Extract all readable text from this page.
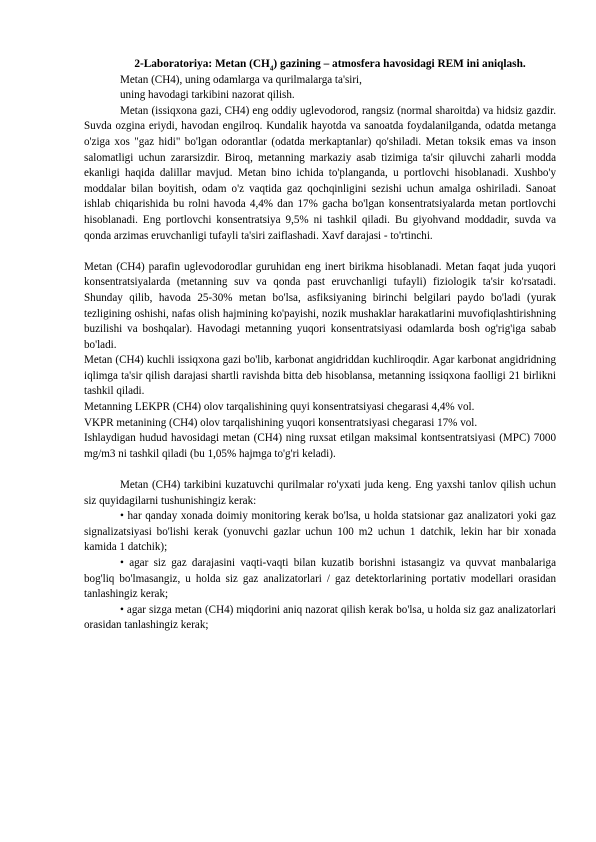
2-Laboratoriya: Metan $(CH_4)$ gazining – atmosfera havosidagi REM ini aniqlash.

Metan (CH4), uning odamlarga va qurilmalarga ta'siri,

uning havodagi tarkibini nazorat qilish.

Metan (issiqxona gazi, CH4) eng oddiy uglevodorod, rangsiz (normal sharoitda) va hidsiz gazdir. Suvda ozgina eriydi, havodan engilroq. Kundalik hayotda va sanoatda foydalanilganda, odatda metanga o'ziga xos "gaz hidi" bo'lgan odorantlar (odatda merkaptanlar) qo'shiladi. Metan toksik emas va inson salomatligi uchun zararsizdir. Biroq, metanning markaziy asab tizimiga ta'sir qiluvchi zaharli modda ekanligi haqida dalillar mavjud. Metan bino ichida to'planganda, u portlovchi hisoblanadi. Xushbo'y moddalar bilan boyitish, odam o'z vaqtida gaz qochqinligini sezishi uchun amalga oshiriladi. Sanoat ishlab chiqarishida bu rolni havoda 4,4% dan 17% gacha bo'lgan konsentratsiyalarda metan portlovchi hisoblanadi. Eng portlovchi konsentratsiya 9,5% ni tashkil qiladi. Bu giyohvand moddadir, suvda va qonda arzimas eruvchanligi tufayli ta'siri zaiflashadi. Xavf darajasi - to'rtinchi.

Metan (CH4) parafin uglevodorodlar guruhidan eng inert birikma hisoblanadi. Metan faqat juda yuqori konsentratsiyalarda (metanning suv va qonda past eruvchanligi tufayli) fiziologik ta'sir ko'rsatadi. Shunday qilib, havoda 25-30% metan bo'lsa, asfiksiyaning birinchi belgilari paydo bo'ladi (yurak tezligining oshishi, nafas olish hajmining ko'payishi, nozik mushaklar harakatlarini muvofiqlashtirishning buzilishi va boshqalar). Havodagi metanning yuqori konsentratsiyasi odamlarda bosh og'rig'iga sabab bo'ladi.

Metan (CH4) kuchli issiqxona gazi bo'lib, karbonat angidriddan kuchliroqdir. Agar karbonat angidridning iqlimga ta'sir qilish darajasi shartli ravishda bitta deb hisoblansa, metanning issiqxona faolligi 21 birlikni tashkil qiladi.

Metanning LEKPR (CH4) olov tarqalishining quyi konsentratsiyasi chegarasi 4,4% vol.

VKPR metanining (CH4) olov tarqalishining yuqori konsentratsiyasi chegarasi 17% vol.

Ishlaydigan hudud havosidagi metan (CH4) ning ruxsat etilgan maksimal kontsentratsiyasi (MPC) 7000 mg/m3 ni tashkil qiladi (bu 1,05% hajmga to'g'ri keladi).

Metan (CH4) tarkibini kuzatuvchi qurilmalar ro'yxati juda keng. Eng yaxshi tanlov qilish uchun siz quyidagilarni tushunishingiz kerak:

• har qanday xonada doimiy monitoring kerak bo'lsa, u holda statsionar gaz analizatori yoki gaz signalizatsiyasi bo'lishi kerak (yonuvchi gazlar uchun 100 m2 uchun 1 datchik, lekin har bir xonada kamida 1 datchik);

• agar siz gaz darajasini vaqti-vaqti bilan kuzatib borishni istasangiz va quvvat manbalariga bog'liq bo'lmasangiz, u holda siz gaz analizatorlari / gaz detektorlarining portativ modellari orasidan tanlashingiz kerak;

• agar sizga metan (CH4) miqdorini aniq nazorat qilish kerak bo'lsa, u holda siz gaz analizatorlari orasidan tanlashingiz kerak;
